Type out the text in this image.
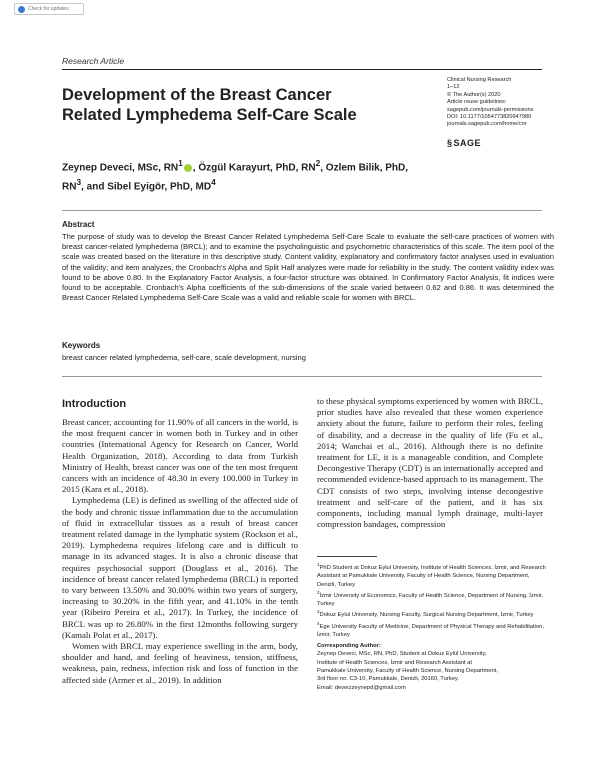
Check for updates
Research Article
Development of the Breast Cancer Related Lymphedema Self-Care Scale
Clinical Nursing Research
1–12
© The Author(s) 2020
Article reuse guidelines:
sagepub.com/journals-permissions
DOI: 10.1177/1054773820947980
journals.sagepub.com/home/cnr
§ SAGE
Zeynep Deveci, MSc, $RN^1$ , Özgül Karayurt, PhD, $RN^2$, Ozlem Bilik, PhD, $RN^3$, and Sibel Eyigör, PhD, $MD^4$
Abstract
The purpose of study was to develop the Breast Cancer Related Lymphedema Self-Care Scale to evaluate the self-care practices of women with breast cancer-related lymphedema (BRCL); and to examine the psycholinguistic and psychometric characteristics of this scale. The item pool of the scale was created based on the literature in this descriptive study. Content validity, explanatory and confirmatory factor analyses used in evaluation of the validity; and item analyzes, the Cronbach's Alpha and Split Half analyzes were made for reliability in the study. The content validity index was found to be above 0.80. In the Explanatory Factor Analysis, a four-factor structure was obtained. In Confirmatory Factor Analysis, fit indices were found to be acceptable. Cronbach's Alpha coefficients of the sub-dimensions of the scale varied between 0.62 and 0.86. It was determined the Breast Cancer Related Lymphedema Self-Care Scale was a valid and reliable scale for women with BRCL.
Keywords
breast cancer related lymphedema, self-care, scale development, nursing
Introduction

Breast cancer, accounting for 11.90% of all cancers in the world, is the most frequent cancer in women both in Turkey and in other countries (International Agency for Research on Cancer, World Health Organization, 2018). According to data from Turkish Ministry of Health, breast cancer was one of the ten most frequent cancers with an incidence of 48.30 in every 100.000 in Turkey in 2015 (Kara et al., 2018).

Lymphedema (LE) is defined as swelling of the affected side of the body and chronic tissue inflammation due to the accumulation of fluid in extracellular tissues as a result of breast cancer treatment related damage in the lymphatic system (Rockson et al., 2019). Lymphedema requires lifelong care and is difficult to manage in its advanced stages. It is also a chronic disease that requires psychosocial support (Douglass et al., 2016). The incidence of breast cancer related lymphedema (BRCL) is reported to vary between 13.50% and 30.00% within two years of surgery, increasing to 30.20% in the fifth year, and 41.10% in the tenth year (Ribeiro Pereira et al., 2017). In Turkey, the incidence of BRCL was up to 26.80% in the first 12months following surgery (Kamalı Polat et al., 2017).

Women with BRCL may experience swelling in the arm, body, shoulder and hand, and feeling of heaviness, tension, stiffness, weakness, pain, redness, infection risk and loss of function in the affected side (Armer et al., 2019). In addition

to these physical symptoms experienced by women with BRCL, prior studies have also revealed that these women experience anxiety about the future, failure to perform their roles, feeling of disability, and a decrease in the quality of life (Fu et al., 2014; Wanchai et al., 2016). Although there is no definite treatment for LE, it is a manageable condition, and Complete Decongestive Therapy (CDT) is an internationally accepted and recommended evidence-based approach to its management. The CDT consists of two steps, involving intense decongestive treatment and self-care of the patient, and it has six components, including manual lymph drainage, multi-layer compression bandages, compression

$^1$PhD Student at Dokuz Eylul University, Institute of Health Sciences, İzmir, and Research Assistant at Pamukkale University, Faculty of Health Science, Nursing Department, Denizli, Turkey
$^2$İzmir University of Economics, Faculty of Health Science, Department of Nursing, İzmir, Turkey
$^3$Dokuz Eylul University, Nursing Faculty, Surgical Nursing Department, İzmir, Turkey
$^4$Ege University Faculty of Medicine, Department of Physical Therapy and Rehabilitation, İzmir, Turkey
Corresponding Author:
Zeynep Deveci, MSc, RN, PhD, Student at Dokuz Eylül University,
Institute of Health Sciences, İzmir and Research Assistant at
Pamukkale University, Faculty of Health Science, Nursing Department,
3rd floor no. C3-10, Pamukkale, Denizli, 20160, Turkey.
Email: devecizeynepd@gmail.com
